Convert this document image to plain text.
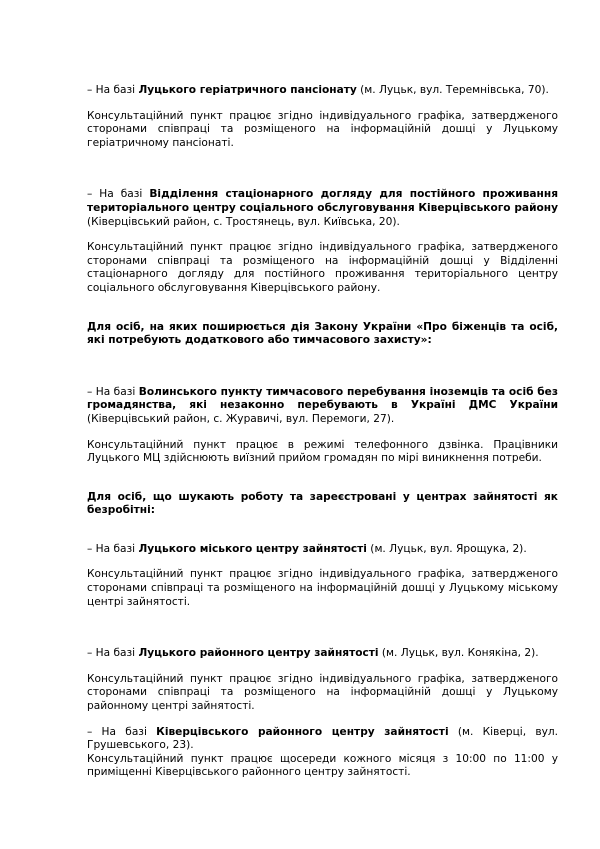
– На базі Луцького геріатричного пансіонату (м. Луцьк, вул. Теремнівська, 70).

Консультаційний пункт працює згідно індивідуального графіка, затвердженого сторонами співпраці та розміщеного на інформаційній дошці у Луцькому геріатричному пансіонаті.

– На базі Відділення стаціонарного догляду для постійного проживання територіального центру соціального обслуговування Ківерцівського району (Ківерцівський район, с. Тростянець, вул. Київська, 20).

Консультаційний пункт працює згідно індивідуального графіка, затвердженого сторонами співпраці та розміщеного на інформаційній дошці у Відділенні стаціонарного догляду для постійного проживання територіального центру соціального обслуговування Ківерцівського району.

Для осіб, на яких поширюється дія Закону України «Про біженців та осіб, які потребують додаткового або тимчасового захисту»:

– На базі Волинського пункту тимчасового перебування іноземців та осіб без громадянства, які незаконно перебувають в Україні ДМС України (Ківерцівський район, с. Журавичі, вул. Перемоги, 27).

Консультаційний пункт працює в режимі телефонного дзвінка. Працівники Луцького МЦ здійснюють виїзний прийом громадян по мірі виникнення потреби.

Для осіб, що шукають роботу та зареєстровані у центрах зайнятості як безробітні:

– На базі Луцького міського центру зайнятості (м. Луцьк, вул. Ярощука, 2).

Консультаційний пункт працює згідно індивідуального графіка, затвердженого сторонами співпраці та розміщеного на інформаційній дошці у Луцькому міському центрі зайнятості.

– На базі Луцького районного центру зайнятості (м. Луцьк, вул. Конякіна, 2).

Консультаційний пункт працює згідно індивідуального графіка, затвердженого сторонами співпраці та розміщеного на інформаційній дошці у Луцькому районному центрі зайнятості.

– На базі Ківерцівського районного центру зайнятості (м. Ківерці, вул. Грушевського, 23).

Консультаційний пункт працює щосереди кожного місяця з 10:00 по 11:00 у приміщенні Ківерцівського районного центру зайнятості.
